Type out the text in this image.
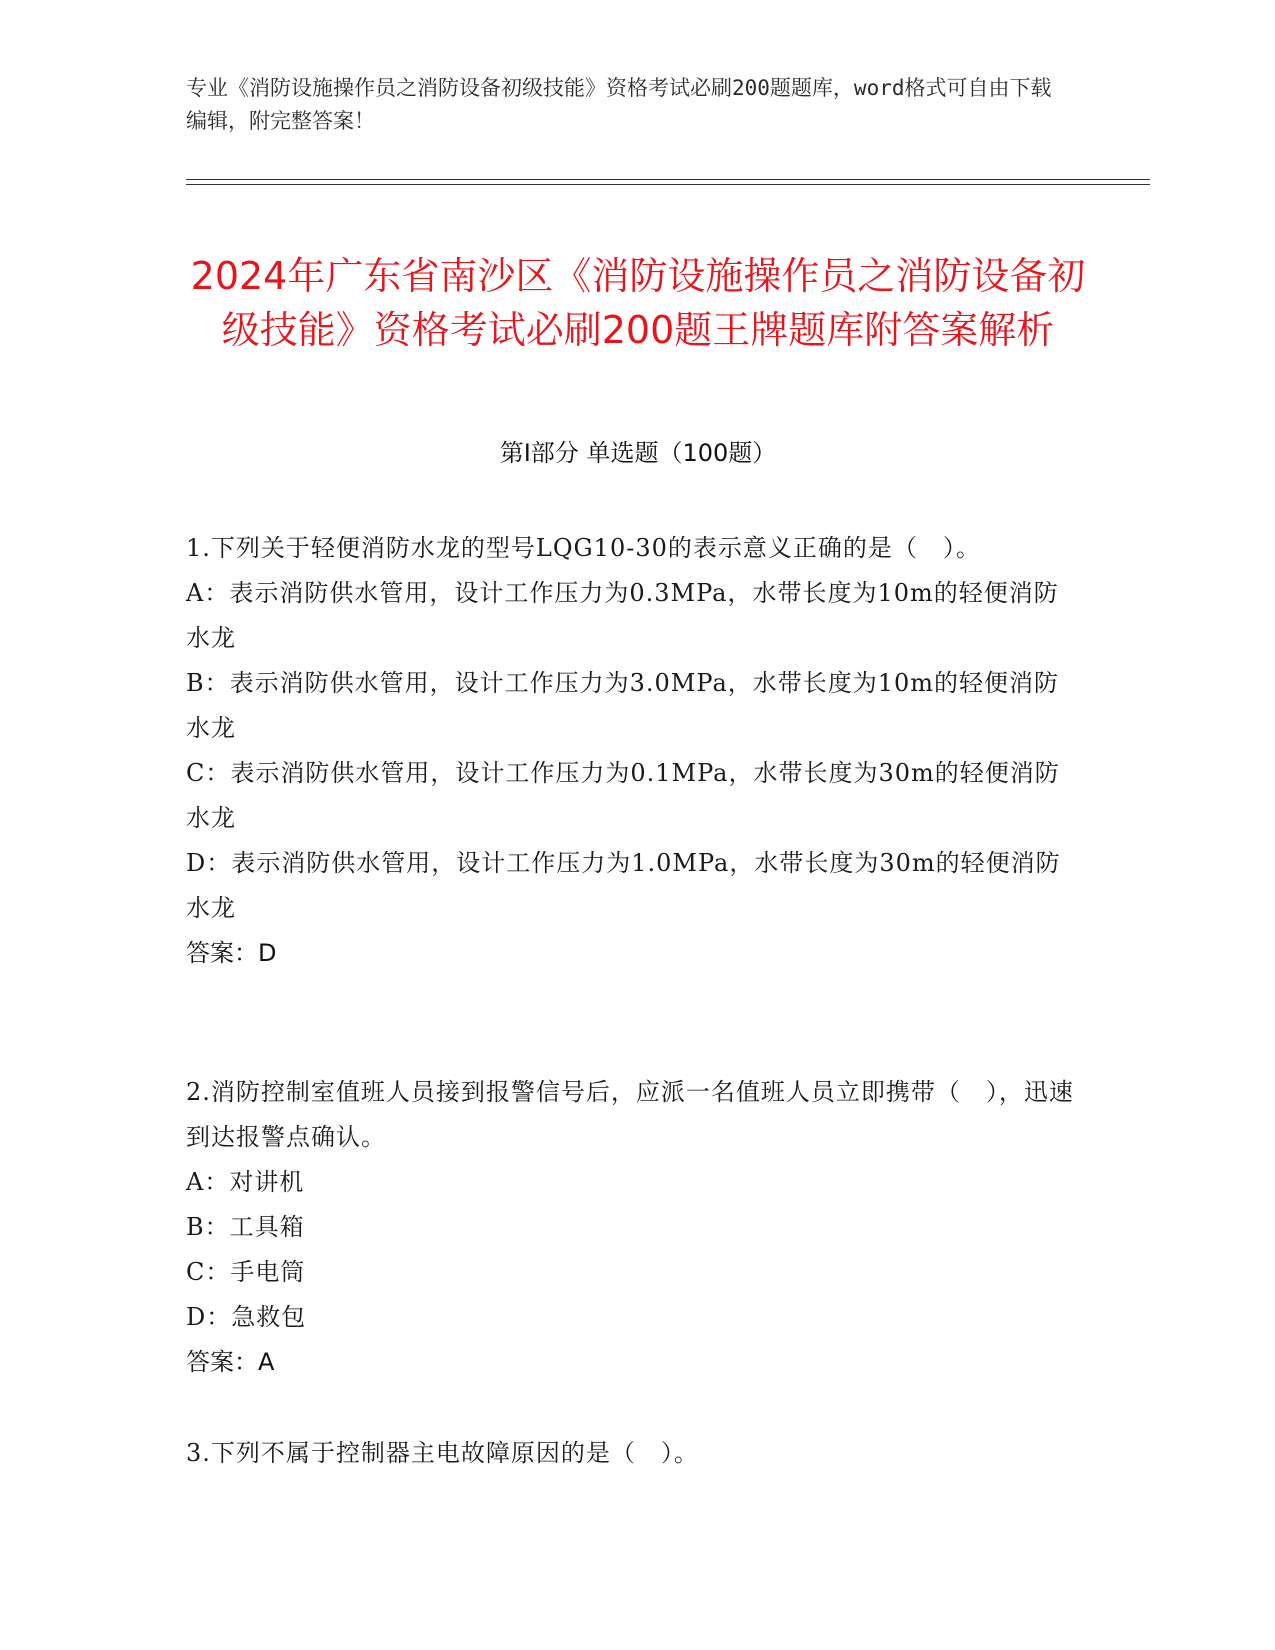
专业《消防设施操作员之消防设备初级技能》资格考试必刷200题题库，word格式可自由下载编辑，附完整答案！
2024年广东省南沙区《消防设施操作员之消防设备初级技能》资格考试必刷200题王牌题库附答案解析
第Ⅰ部分 单选题（100题）
1.下列关于轻便消防水龙的型号LQG10-30的表示意义正确的是（　）。
A：表示消防供水管用，设计工作压力为0.3MPa，水带长度为10m的轻便消防水龙
B：表示消防供水管用，设计工作压力为3.0MPa，水带长度为10m的轻便消防水龙
C：表示消防供水管用，设计工作压力为0.1MPa，水带长度为30m的轻便消防水龙
D：表示消防供水管用，设计工作压力为1.0MPa，水带长度为30m的轻便消防水龙
答案：D
2.消防控制室值班人员接到报警信号后，应派一名值班人员立即携带（　），迅速到达报警点确认。
A：对讲机
B：工具箱
C：手电筒
D：急救包
答案：A
3.下列不属于控制器主电故障原因的是（　）。
